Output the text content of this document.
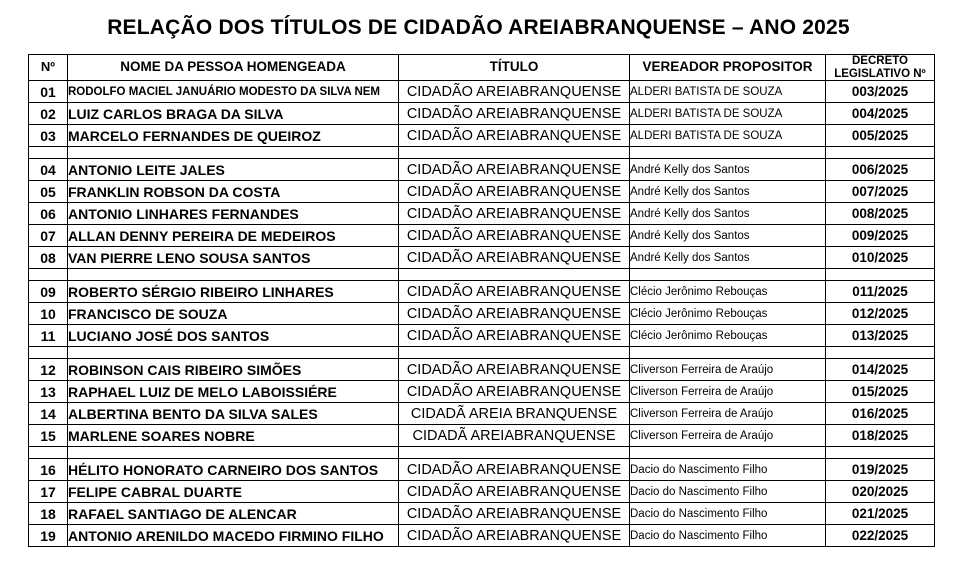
RELAÇÃO DOS TÍTULOS DE CIDADÃO AREIABRANQUENSE – ANO 2025
Nº	NOME DA PESSOA HOMENGEADA	TÍTULO	VEREADOR PROPOSITOR	DECRETO LEGISLATIVO Nº
01	RODOLFO MACIEL JANUÁRIO MODESTO DA SILVA NEM	CIDADÃO AREIABRANQUENSE	ALDERI BATISTA DE SOUZA	003/2025
02	LUIZ CARLOS BRAGA DA SILVA	CIDADÃO AREIABRANQUENSE	ALDERI BATISTA DE SOUZA	004/2025
03	MARCELO FERNANDES DE QUEIROZ	CIDADÃO AREIABRANQUENSE	ALDERI BATISTA DE SOUZA	005/2025

04	ANTONIO LEITE JALES	CIDADÃO AREIABRANQUENSE	André Kelly dos Santos	006/2025
05	FRANKLIN ROBSON DA COSTA	CIDADÃO AREIABRANQUENSE	André Kelly dos Santos	007/2025
06	ANTONIO LINHARES FERNANDES	CIDADÃO AREIABRANQUENSE	André Kelly dos Santos	008/2025
07	ALLAN DENNY PEREIRA DE MEDEIROS	CIDADÃO AREIABRANQUENSE	André Kelly dos Santos	009/2025
08	VAN PIERRE LENO SOUSA SANTOS	CIDADÃO AREIABRANQUENSE	André Kelly dos Santos	010/2025

09	ROBERTO SÉRGIO RIBEIRO LINHARES	CIDADÃO AREIABRANQUENSE	Clécio Jerônimo Rebouças	011/2025
10	FRANCISCO DE SOUZA	CIDADÃO AREIABRANQUENSE	Clécio Jerônimo Rebouças	012/2025
11	LUCIANO JOSÉ DOS SANTOS	CIDADÃO AREIABRANQUENSE	Clécio Jerônimo Rebouças	013/2025

12	ROBINSON CAIS RIBEIRO SIMÕES	CIDADÃO AREIABRANQUENSE	Cliverson Ferreira de Araújo	014/2025
13	RAPHAEL LUIZ DE MELO LABOISSIÉRE	CIDADÃO AREIABRANQUENSE	Cliverson Ferreira de Araújo	015/2025
14	ALBERTINA BENTO DA SILVA SALES	CIDADÃ AREIA BRANQUENSE	Cliverson Ferreira de Araújo	016/2025
15	MARLENE SOARES NOBRE	CIDADÃ AREIABRANQUENSE	Cliverson Ferreira de Araújo	018/2025

16	HÉLITO HONORATO CARNEIRO DOS SANTOS	CIDADÃO AREIABRANQUENSE	Dacio do Nascimento Filho	019/2025
17	FELIPE CABRAL DUARTE	CIDADÃO AREIABRANQUENSE	Dacio do Nascimento Filho	020/2025
18	RAFAEL SANTIAGO DE ALENCAR	CIDADÃO AREIABRANQUENSE	Dacio do Nascimento Filho	021/2025
19	ANTONIO ARENILDO MACEDO FIRMINO FILHO	CIDADÃO AREIABRANQUENSE	Dacio do Nascimento Filho	022/2025
